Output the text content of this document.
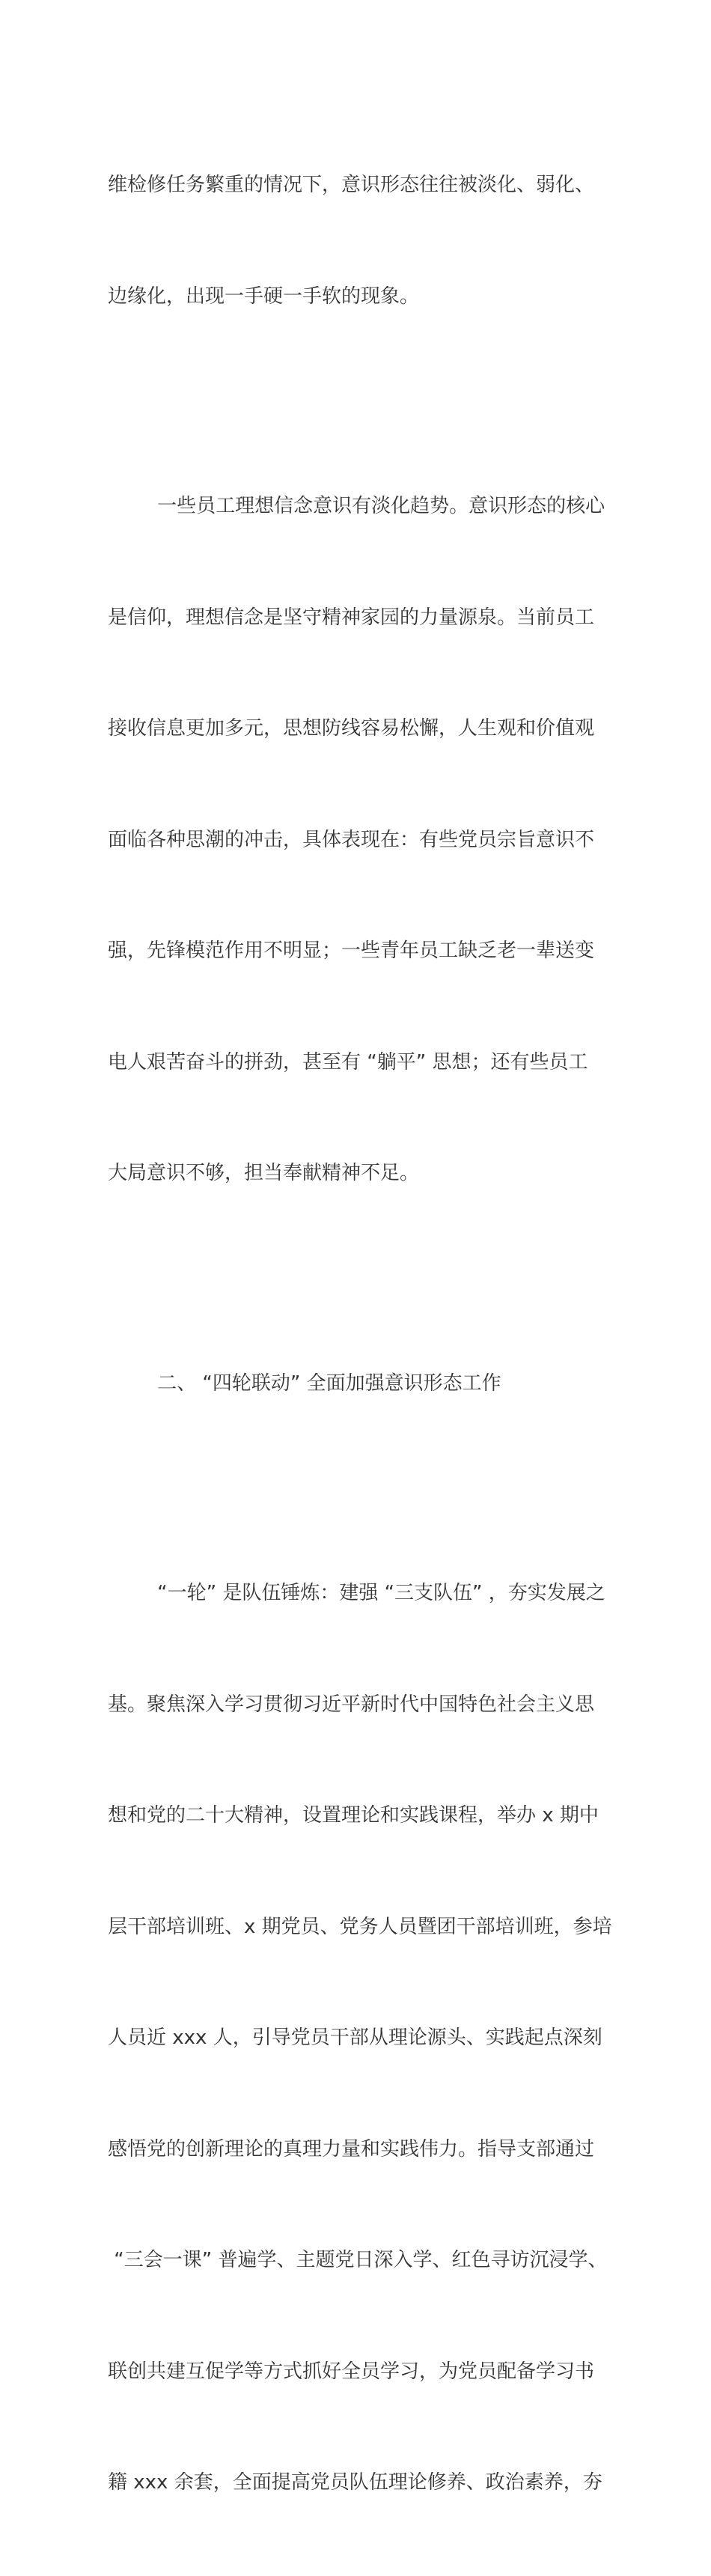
维检修任务繁重的情况下，意识形态往往被淡化、弱化、

边缘化，出现一手硬一手软的现象。

一些员工理想信念意识有淡化趋势。意识形态的核心

是信仰，理想信念是坚守精神家园的力量源泉。当前员工

接收信息更加多元，思想防线容易松懈，人生观和价值观

面临各种思潮的冲击，具体表现在：有些党员宗旨意识不

强，先锋模范作用不明显；一些青年员工缺乏老一辈送变

电人艰苦奋斗的拼劲，甚至有 “躺平” 思想；还有些员工

大局意识不够，担当奉献精神不足。

二、 “四轮联动” 全面加强意识形态工作

“一轮” 是队伍锤炼：建强 “三支队伍” ，夯实发展之

基。聚焦深入学习贯彻习近平新时代中国特色社会主义思

想和党的二十大精神，设置理论和实践课程，举办 x 期中

层干部培训班、x 期党员、党务人员暨团干部培训班，参培

人员近 xxx 人，引导党员干部从理论源头、实践起点深刻

感悟党的创新理论的真理力量和实践伟力。指导支部通过

“三会一课” 普遍学、主题党日深入学、红色寻访沉浸学、

联创共建互促学等方式抓好全员学习，为党员配备学习书

籍 xxx 余套，全面提高党员队伍理论修养、政治素养，夯
